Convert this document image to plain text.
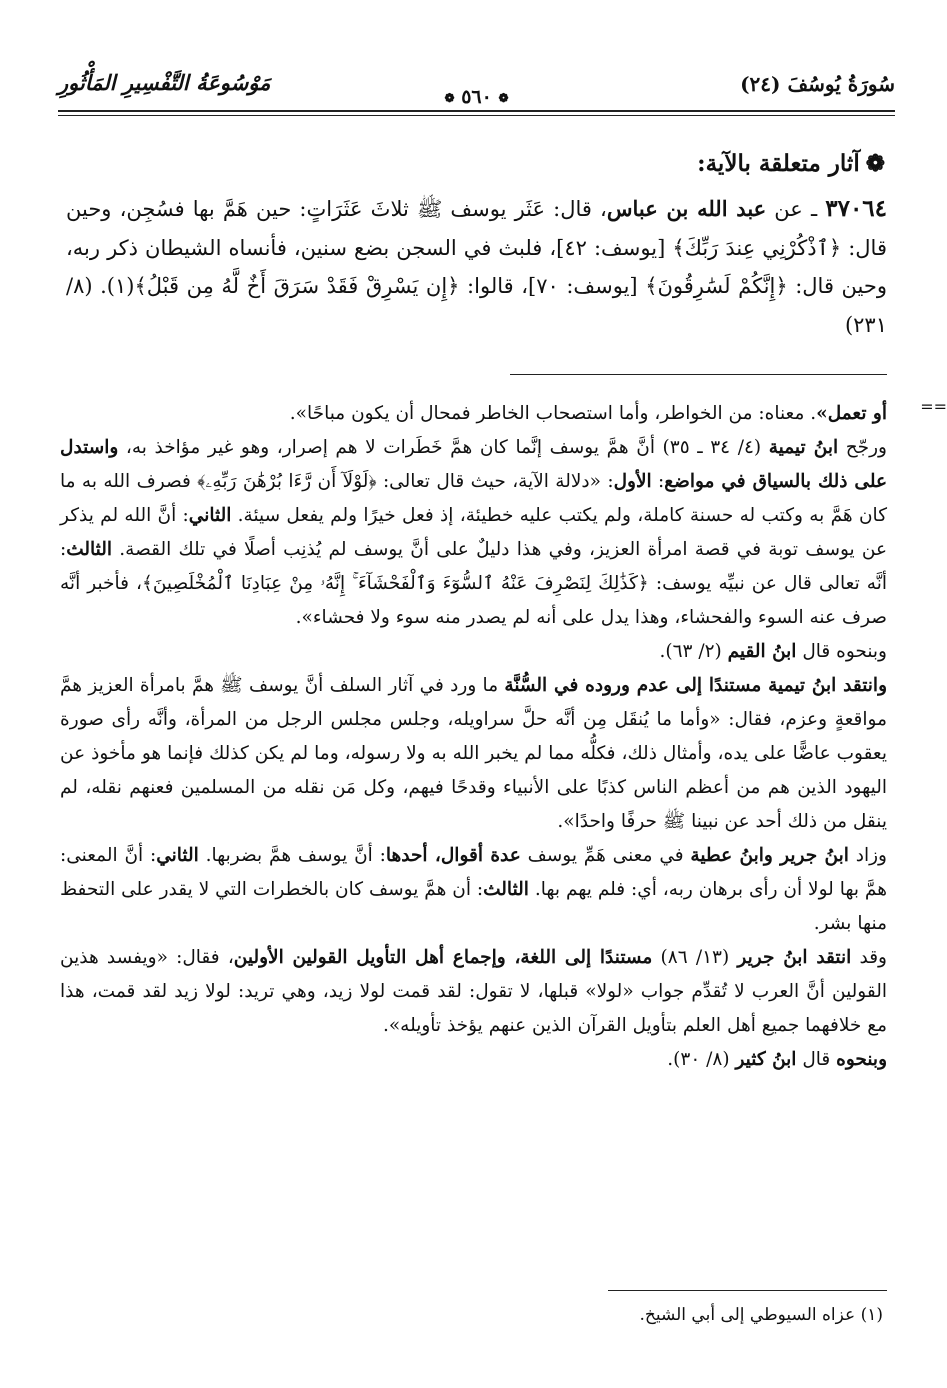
سُورَةُ يُوسُفَ (٢٤)
❁ ٥٦٠ ❁
مَوْسُوعَةُ التَّفْسِيرِ المَأْثُورِ
❁آثار متعلقة بالآية:
٣٧٠٦٤ ـ عن عبد الله بن عباس، قال: عَثَر يوسف ﷺ ثلاثَ عَثَرَاتٍ: حين هَمَّ بها فسُجِن، وحين قال: ﴿ٱذْكُرْنِي عِندَ رَبِّكَ﴾ [يوسف: ٤٢]، فلبث في السجن بضع سنين، فأنساه الشيطان ذكر ربه، وحين قال: ﴿إِنَّكُمْ لَسَٰرِقُونَ﴾ [يوسف: ٧٠]، قالوا: ﴿إِن يَسْرِقْ فَقَدْ سَرَقَ أَخٌ لَّهُ مِن قَبْلُ﴾(١). (٨/ ٢٣١)
==

أو تعمل». معناه: من الخواطر، وأما استصحاب الخاطر فمحال أن يكون مباحًا».

ورجّح ابنُ تيمية (٤/ ٣٤ ـ ٣٥) أنَّ همَّ يوسف إنَّما كان همَّ خَطَرات لا هم إصرار، وهو غير مؤاخذ به، واستدل على ذلك بالسياق في مواضع: الأول: «دلالة الآية، حيث قال تعالى: ﴿لَوْلَآ أَن رَّءَا بُرْهَٰنَ رَبِّهِۦ﴾ فصرف الله به ما كان هَمَّ به وكتب له حسنة كاملة، ولم يكتب عليه خطيئة، إذ فعل خيرًا ولم يفعل سيئة. الثاني: أنَّ الله لم يذكر عن يوسف توبة في قصة امرأة العزيز، وفي هذا دليلٌ على أنَّ يوسف لم يُذنِب أصلًا في تلك القصة. الثالث: أنَّه تعالى قال عن نبيِّه يوسف: ﴿كَذَٰلِكَ لِنَصْرِفَ عَنْهُ ٱلسُّوٓءَ وَٱلْفَحْشَآءَ ۚ إِنَّهُۥ مِنْ عِبَادِنَا ٱلْمُخْلَصِينَ﴾، فأخبر أنَّه صرف عنه السوء والفحشاء، وهذا يدل على أنه لم يصدر منه سوء ولا فحشاء».

وبنحوه قال ابنُ القيم (٢/ ٦٣).

وانتقد ابنُ تيمية مستندًا إلى عدم وروده في السُّنَّة ما ورد في آثار السلف أنَّ يوسف ﷺ همَّ بامرأة العزيز همَّ مواقعةٍ وعزم، فقال: «وأما ما يُنقَل مِن أنَّه حلَّ سراويله، وجلس مجلس الرجل من المرأة، وأنَّه رأى صورة يعقوب عاضًّا على يده، وأمثال ذلك، فكلُّه مما لم يخبر الله به ولا رسوله، وما لم يكن كذلك فإنما هو مأخوذ عن اليهود الذين هم من أعظم الناس كذبًا على الأنبياء وقدحًا فيهم، وكل مَن نقله من المسلمين فعنهم نقله، لم ينقل من ذلك أحد عن نبينا ﷺ حرفًا واحدًا».

وزاد ابنُ جرير وابنُ عطية في معنى هَمِّ يوسف عدة أقوال، أحدها: أنَّ يوسف همَّ بضربها. الثاني: أنَّ المعنى: همَّ بها لولا أن رأى برهان ربه، أي: فلم يهم بها. الثالث: أن همَّ يوسف كان بالخطرات التي لا يقدر على التحفظ منها بشر.

وقد انتقد ابنُ جرير (١٣/ ٨٦) مستندًا إلى اللغة، وإجماع أهل التأويل القولين الأولين، فقال: «ويفسد هذين القولين أنَّ العرب لا تُقدِّم جواب «لولا» قبلها، لا تقول: لقد قمت لولا زيد، وهي تريد: لولا زيد لقد قمت، هذا مع خلافهما جميع أهل العلم بتأويل القرآن الذين عنهم يؤخذ تأويله».

وبنحوه قال ابنُ كثير (٨/ ٣٠).

(١) عزاه السيوطي إلى أبي الشيخ.
